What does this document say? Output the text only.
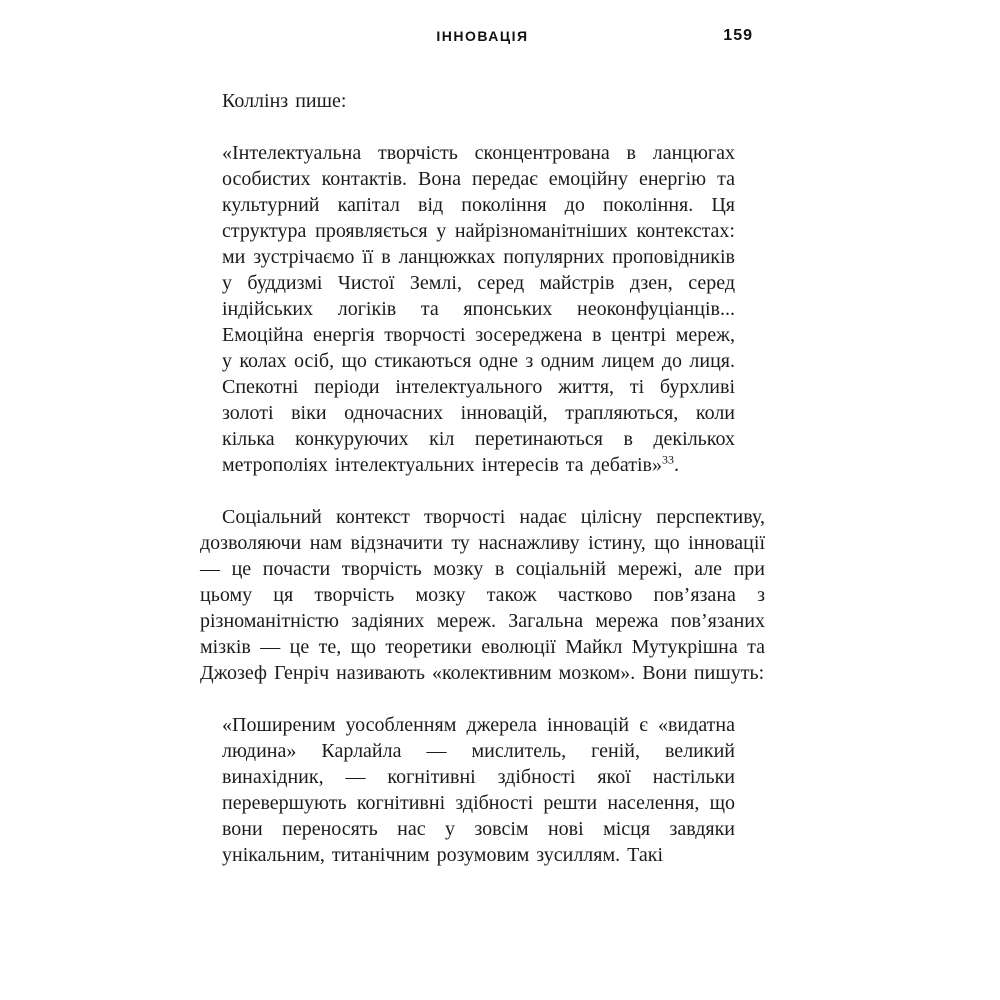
ІННОВАЦІЯ	159

Коллінз пише:

«Інтелектуальна творчість сконцентрована в ланцюгах особистих контактів. Вона передає емоційну енергію та культурний капітал від покоління до покоління. Ця структура проявляється у найрізноманітніших контекстах: ми зустрічаємо її в ланцюжках популярних проповідників у буддизмі Чистої Землі, серед майстрів дзен, серед індійських логіків та японських неоконфуціанців... Емоційна енергія творчості зосереджена в центрі мереж, у колах осіб, що стикаються одне з одним лицем до лиця. Спекотні періоди інтелектуального життя, ті бурхливі золоті віки одночасних інновацій, трапляються, коли кілька конкуруючих кіл перетинаються в декількох метрополіях інтелектуальних інтересів та дебатів»$^{33}$.

Соціальний контекст творчості надає цілісну перспективу, дозволяючи нам відзначити ту наснажливу істину, що інновації — це почасти творчість мозку в соціальній мережі, але при цьому ця творчість мозку також частково пов’язана з різноманітністю задіяних мереж. Загальна мережа пов’язаних мізків — це те, що теоретики еволюції Майкл Мутукрішна та Джозеф Генріч називають «колективним мозком». Вони пишуть:

«Поширеним уособленням джерела інновацій є «видатна людина» Карлайла — мислитель, геній, великий винахідник, — когнітивні здібності якої настільки перевершують когнітивні здібності решти населення, що вони переносять нас у зовсім нові місця завдяки унікальним, титанічним розумовим зусиллям. Такі
